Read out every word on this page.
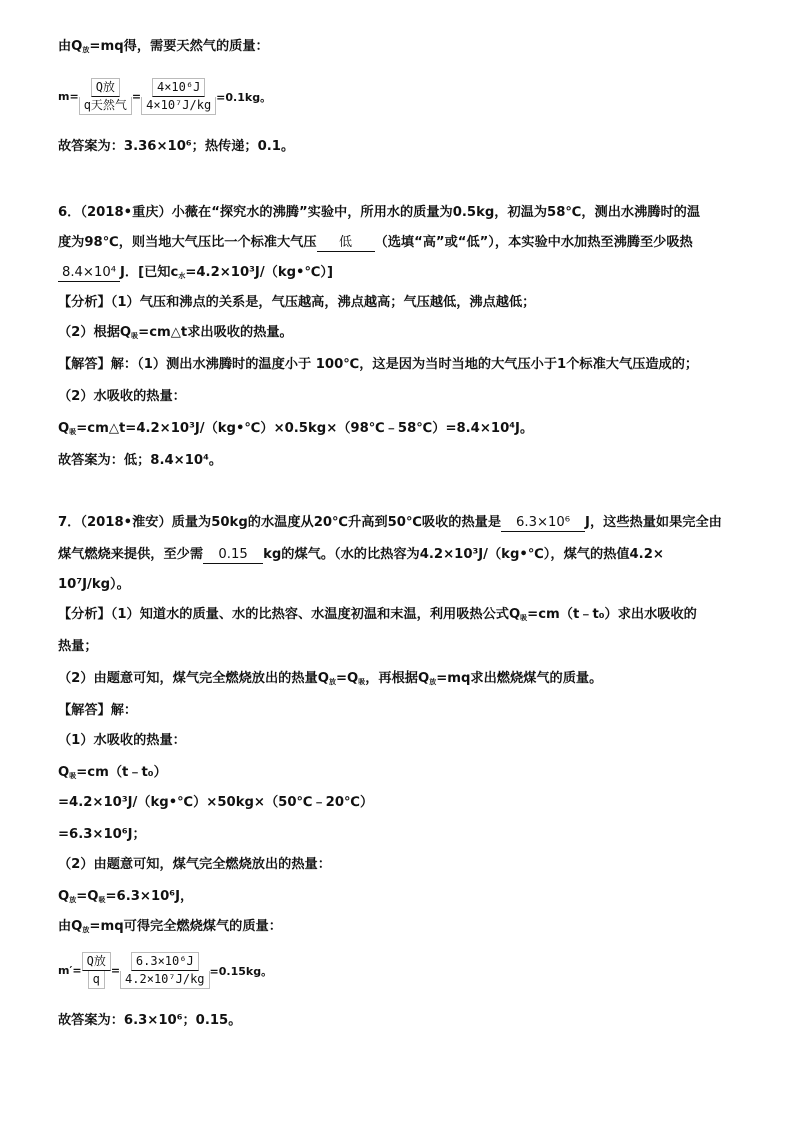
由$Q_放=mq$得，需要天然气的质量：
$m= \frac{\text{Q放}}{\text{q天然气}} = \frac{\text{4×10⁶J}}{\text{4×10⁷J/kg}} =0.1kg$。
故答案为：3.36×10⁶；热传递；0.1。
6．（2018•重庆）小薇在“探究水的沸腾”实验中，所用水的质量为0.5kg，初温为58℃，测出水沸腾时的温
度为98℃，则当地大气压比一个标准大气压 低 （选填“高”或“低”），本实验中水加热至沸腾至少吸热
8.4×10⁴ J．[已知$c_水=4.2\times 10^3J/(kg•℃)$]
【分析】（1）气压和沸点的关系是，气压越高，沸点越高；气压越低，沸点越低；
（2）根据$Q_吸=cm\triangle t$求出吸收的热量。
【解答】解：（1）测出水沸腾时的温度小于 100℃，这是因为当时当地的大气压小于1个标准大气压造成的；
（2）水吸收的热量：
$Q_吸=cm\triangle t=4.2\times 10^3J/(kg•℃)\times 0.5kg\times(98℃﹣58℃)=8.4\times 10^4J$。
故答案为：低；8.4×10⁴。
7．（2018•淮安）质量为50kg的水温度从20℃升高到50℃吸收的热量是 6.3×10⁶ J，这些热量如果完全由
煤气燃烧来提供，至少需 0.15 kg的煤气。（水的比热容为4.2×10³J/（kg•℃），煤气的热值4.2×
10⁷J/kg）。
【分析】（1）知道水的质量、水的比热容、水温度初温和末温，利用吸热公式$Q_吸=cm(t﹣t_0)$求出水吸收的
热量；
（2）由题意可知，煤气完全燃烧放出的热量$Q_放=Q_吸$，再根据$Q_放=mq$求出燃烧煤气的质量。
【解答】解：
（1）水吸收的热量：
$Q_吸=cm(t﹣t_0)$
=4.2×10³J/（kg•℃）×50kg×（50℃﹣20℃）
=6.3×10⁶J；
（2）由题意可知，煤气完全燃烧放出的热量：
$Q_放=Q_吸=6.3\times 10^6J$，
由$Q_放=mq$可得完全燃烧煤气的质量：
$m'= \frac{\text{Q放}}{q} = \frac{\text{6.3×10⁶J}}{\text{4.2×10⁷J/kg}} =0.15kg$。
故答案为：6.3×10⁶；0.15。
